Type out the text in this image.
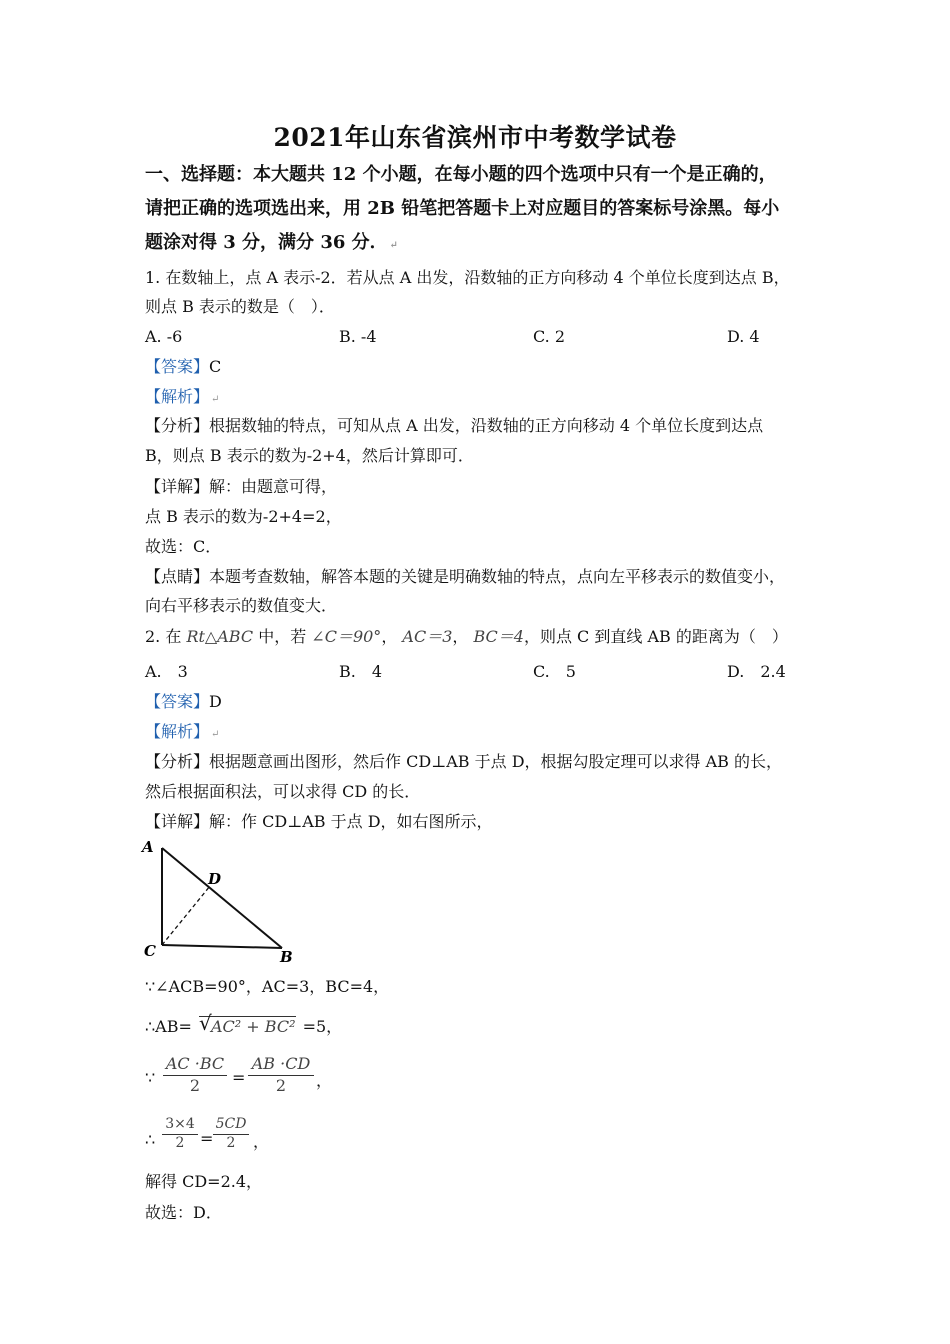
2021年山东省滨州市中考数学试卷
一、选择题：本大题共 12 个小题，在每小题的四个选项中只有一个是正确的，
请把正确的选项选出来，用 2B 铅笔把答题卡上对应题目的答案标号涂黑。每小
题涂对得 3 分，满分 36 分． ↵
1. 在数轴上，点 A 表示-2．若从点 A 出发，沿数轴的正方向移动 4 个单位长度到达点 B，
则点 B 表示的数是（　）．
A. -6	B. -4	C. 2	D. 4
【答案】C
【解析】 ↵
【分析】根据数轴的特点，可知从点 A 出发，沿数轴的正方向移动 4 个单位长度到达点
B，则点 B 表示的数为-2+4，然后计算即可．
【详解】解：由题意可得，
点 B 表示的数为-2+4=2，
故选：C．
【点睛】本题考查数轴，解答本题的关键是明确数轴的特点，点向左平移表示的数值变小，
向右平移表示的数值变大．
2. 在 Rt△ABC 中，若 ∠C＝90°， AC＝3， BC＝4，则点 C 到直线 AB 的距离为（　）
A.　3	B.　4	C.　5	D.　2.4
【答案】D
【解析】 ↵
【分析】根据题意画出图形，然后作 CD⊥AB 于点 D，根据勾股定理可以求得 AB 的长，
然后根据面积法，可以求得 CD 的长．
【详解】解：作 CD⊥AB 于点 D，如右图所示，
A
D
C	B
∵∠ACB=90°，AC=3，BC=4，
∴AB= √ AC² + BC² =5，
∵ $\frac{AC \cdot BC}{2} = \frac{AB \cdot CD}{2}$ ，
∴ $\frac{3\times 4}{2} = \frac{5CD}{2}$ ，
解得 CD=2.4，
故选：D．
